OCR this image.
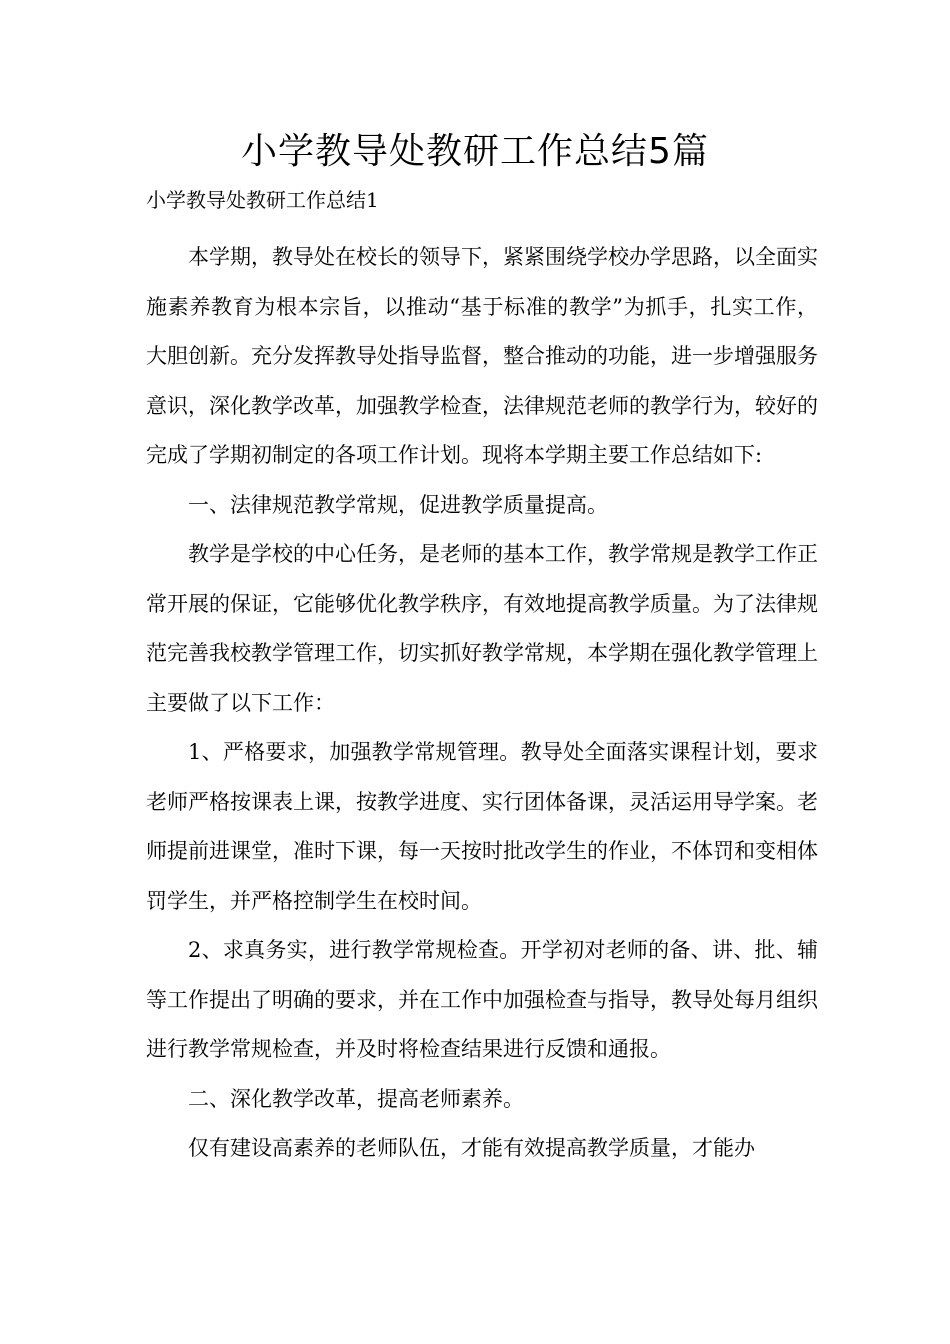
小学教导处教研工作总结5篇

小学教导处教研工作总结1

本学期，教导处在校长的领导下，紧紧围绕学校办学思路，以全面实施素养教育为根本宗旨，以推动“基于标准的教学”为抓手，扎实工作，大胆创新。充分发挥教导处指导监督，整合推动的功能，进一步增强服务意识，深化教学改革，加强教学检查，法律规范老师的教学行为，较好的完成了学期初制定的各项工作计划。现将本学期主要工作总结如下:

一、法律规范教学常规，促进教学质量提高。

教学是学校的中心任务，是老师的基本工作，教学常规是教学工作正常开展的保证，它能够优化教学秩序，有效地提高教学质量。为了法律规范完善我校教学管理工作，切实抓好教学常规，本学期在强化教学管理上主要做了以下工作：

1、严格要求，加强教学常规管理。教导处全面落实课程计划，要求老师严格按课表上课，按教学进度、实行团体备课，灵活运用导学案。老师提前进课堂，准时下课，每一天按时批改学生的作业，不体罚和变相体罚学生，并严格控制学生在校时间。

2、求真务实，进行教学常规检查。开学初对老师的备、讲、批、辅等工作提出了明确的要求，并在工作中加强检查与指导，教导处每月组织进行教学常规检查，并及时将检查结果进行反馈和通报。

二、深化教学改革，提高老师素养。

仅有建设高素养的老师队伍，才能有效提高教学质量，才能办
